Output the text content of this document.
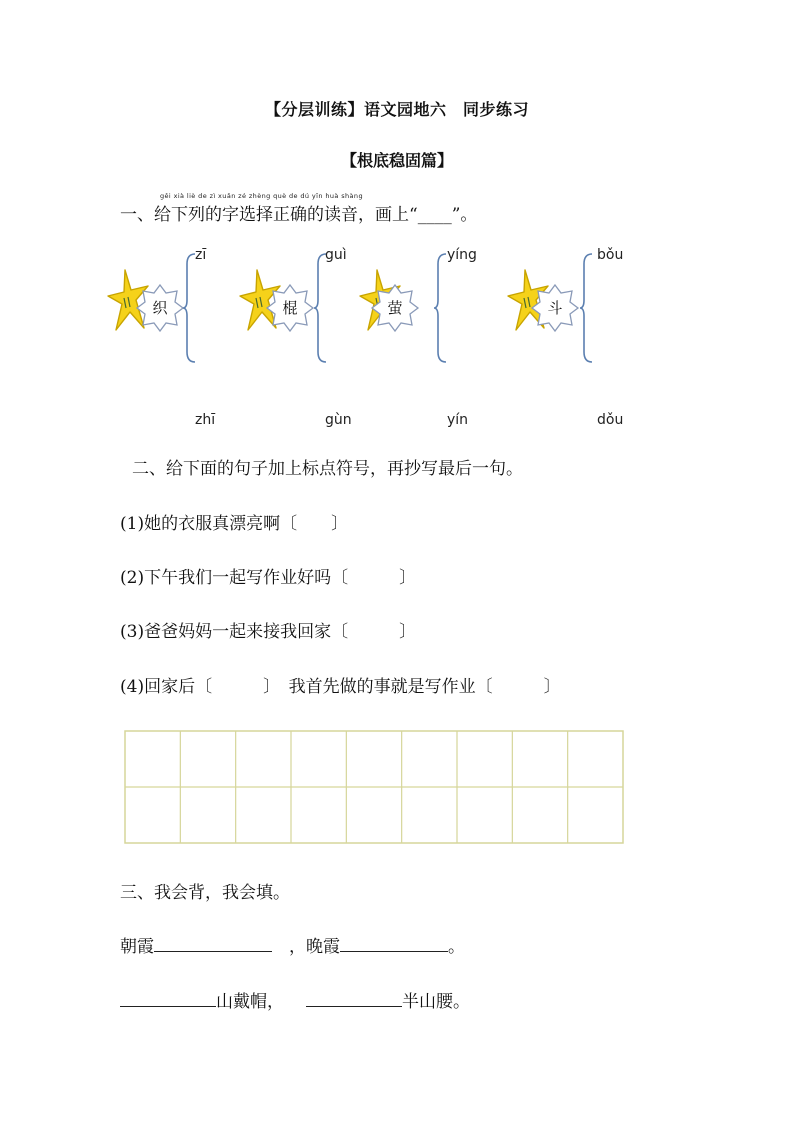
【分层训练】语文园地六　同步练习
【根底稳固篇】
gěi xià liè de zì xuǎn zé zhèng què de dú yīn huà shàng
一、给下列的字选择正确的读音，画上“____”。
织
zī
zhī
棍
guì
gùn
萤
yíng
yín
斗
bǒu
dǒu
二、给下面的句子加上标点符号，再抄写最后一句。
(1)她的衣服真漂亮啊〔　　〕
(2)下午我们一起写作业好吗〔　　　〕
(3)爸爸妈妈一起来接我回家〔　　　〕
(4)回家后〔　　　〕　我首先做的事就是写作业〔　　　〕
三、我会背，我会填。
朝霞	　，晚霞	。
山戴帽，	半山腰。
